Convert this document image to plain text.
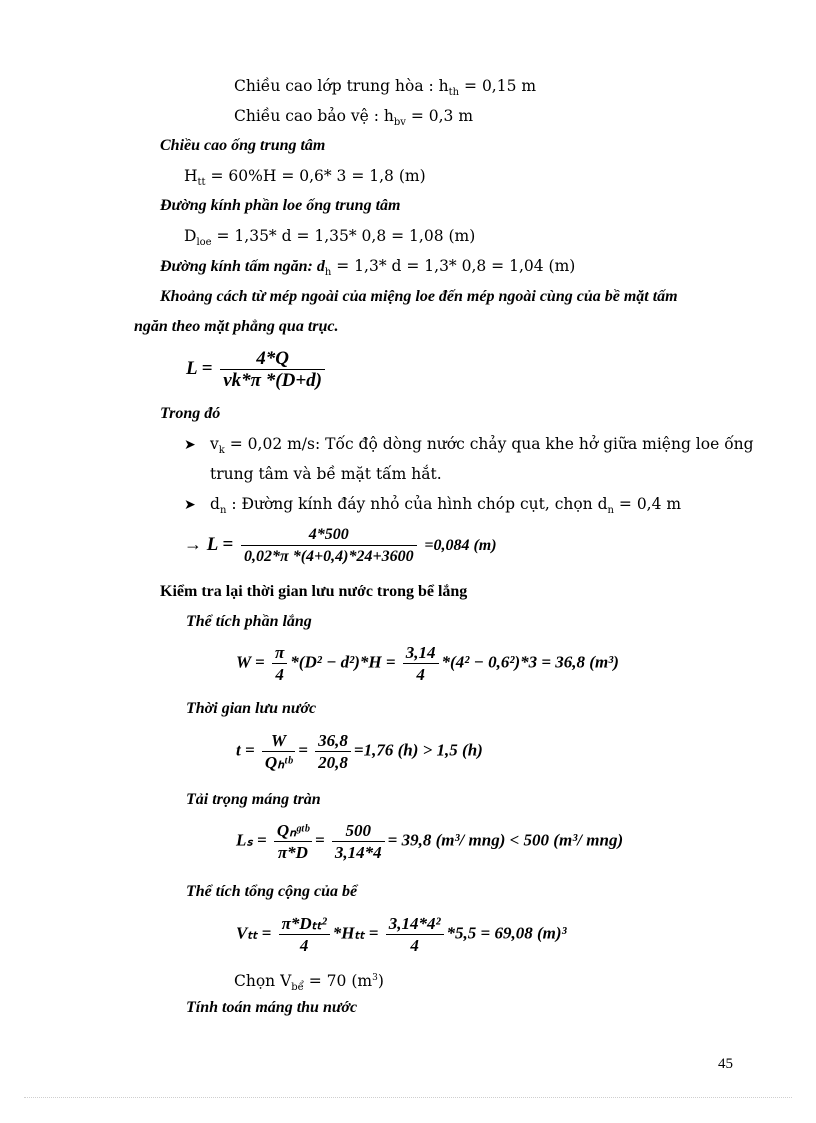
Chiều cao lớp trung hòa : $h_{th} = 0,15$ m
Chiều cao bảo vệ : $h_{bv} = 0,3$ m
Chiều cao ống trung tâm
$H_{tt} = 60\%H = 0,6*$ 3 = 1,8 (m)
Đường kính phần loe ống trung tâm
$D_{loe} = 1,35*$ d = 1,35* 0,8 = 1,08 (m)
Đường kính tấm ngăn: $d_h = 1,3*$ d = 1,3* 0,8 = 1,04 (m)
Khoảng cách từ mép ngoài của miệng loe đến mép ngoài cùng của bề mặt tấm
ngăn theo mặt phẳng qua trục.
$L = \frac{4*Q}{vk*\pi *(D+d)}$
Trong đó
➤ $v_k = 0,02$ m/s: Tốc độ dòng nước chảy qua khe hở giữa miệng loe ống
trung tâm và bề mặt tấm hắt.
➤ $d_n$ : Đường kính đáy nhỏ của hình chóp cụt, chọn $d_n = 0,4$ m
→ $L = \frac{4*500}{0,02*\pi *(4+0,4)*24+3600} =0,084$ (m)
Kiểm tra lại thời gian lưu nước trong bể lắng
Thể tích phần lắng
$W = \frac{\pi}{4} *(D^2 - d^2)*H = \frac{3,14}{4} *(4^2 - 0,6^2)*3 = 36,8$ (m³)
Thời gian lưu nước
$t = \frac{W}{\text{Qₕᵗᵇ}} = \frac{36,8}{20,8} =1,76$ (h) > 1,5 (h)
Tải trọng máng tràn
$L_s = \frac{\text{Qₙᵍᵗᵇ}}{\pi*D} = \frac{500}{3,14*4} = 39,8$ (m³/ mng) < 500 (m³/ mng)
Thể tích tổng cộng của bể
$V_{tt} = \frac{\text{π*Dₜₜ²}}{4} *H_{tt} = \frac{\text{3,14*4²}}{4} *5,5 = 69,08$ (m)³
Chọn $V_{bể} = 70$ $(m^3)$
Tính toán máng thu nước
45
